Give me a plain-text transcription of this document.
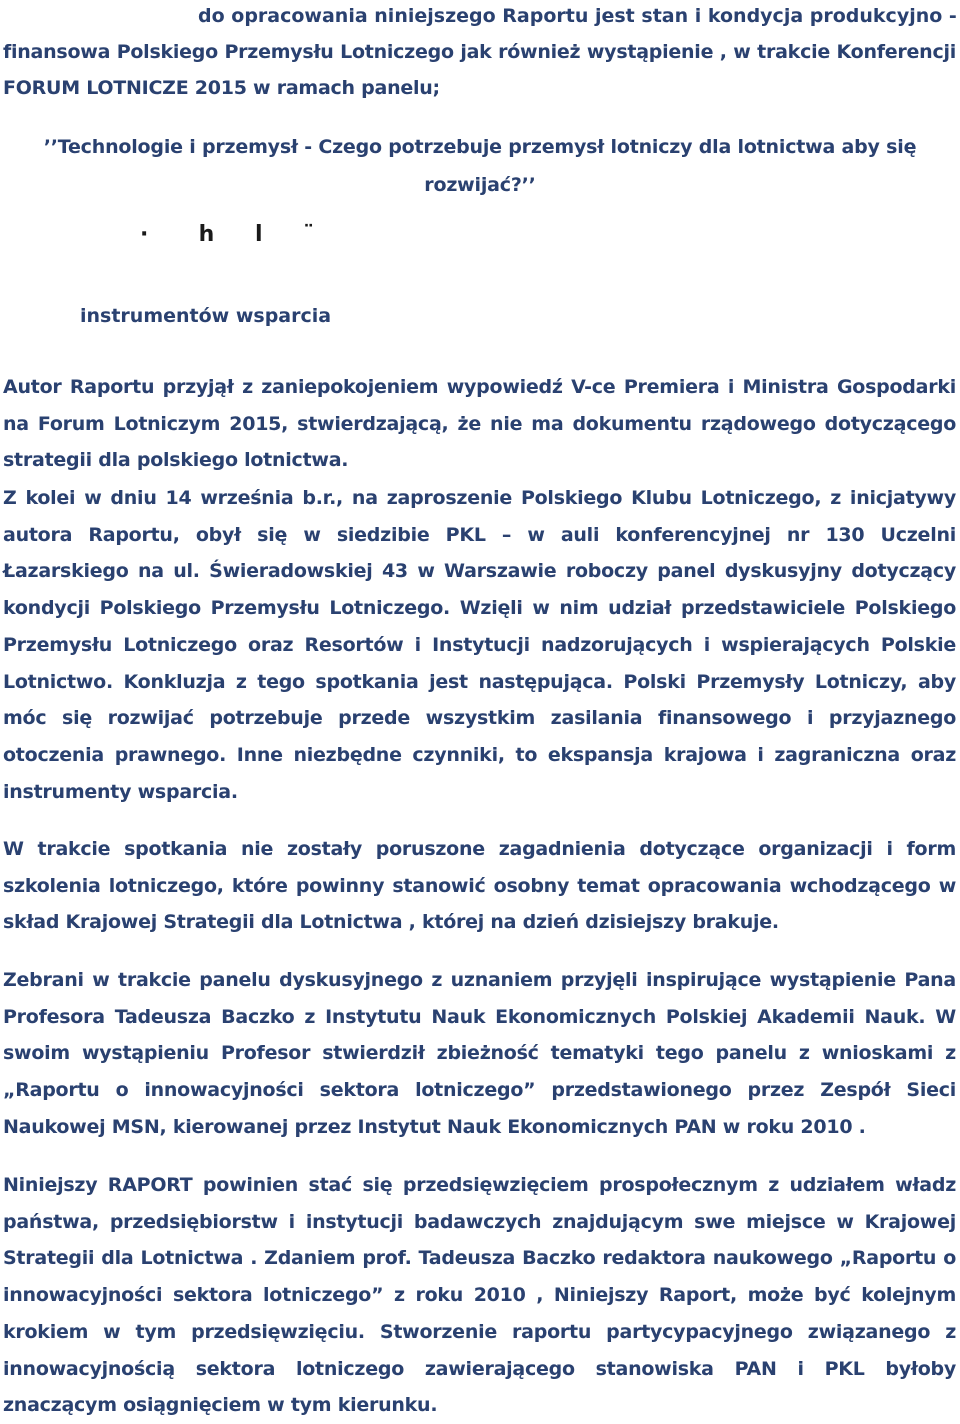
do opracowania niniejszego Raportu jest stan i kondycja produkcyjno -

finansowa Polskiego Przemysłu Lotniczego jak również wystąpienie , w trakcie Konferencji FORUM LOTNICZE 2015 w ramach panelu;

’’Technologie i przemysł - Czego potrzebuje przemysł lotniczy dla lotnictwa aby się rozwijać?’’

·     h    l    ¨

instrumentów wsparcia

Autor Raportu przyjął z zaniepokojeniem wypowiedź V-ce Premiera i Ministra Gospodarki na Forum Lotniczym 2015, stwierdzającą, że nie ma dokumentu rządowego dotyczącego strategii dla polskiego lotnictwa.

Z kolei w dniu 14 września b.r., na zaproszenie Polskiego Klubu Lotniczego, z inicjatywy autora Raportu, obył się w siedzibie PKL – w auli konferencyjnej nr 130 Uczelni Łazarskiego na ul. Świeradowskiej 43 w Warszawie roboczy panel dyskusyjny dotyczący kondycji Polskiego Przemysłu Lotniczego. Wzięli w nim udział przedstawiciele Polskiego Przemysłu Lotniczego oraz Resortów i Instytucji nadzorujących i wspierających Polskie Lotnictwo. Konkluzja z tego spotkania jest następująca. Polski Przemysły Lotniczy, aby móc się rozwijać potrzebuje przede wszystkim zasilania finansowego i przyjaznego otoczenia prawnego. Inne niezbędne czynniki, to ekspansja krajowa i zagraniczna oraz instrumenty wsparcia.

W trakcie spotkania nie zostały poruszone zagadnienia dotyczące organizacji i form szkolenia lotniczego, które powinny stanowić osobny temat opracowania wchodzącego w skład Krajowej Strategii dla Lotnictwa , której na dzień dzisiejszy brakuje.

Zebrani w trakcie panelu dyskusyjnego z uznaniem przyjęli inspirujące wystąpienie Pana Profesora Tadeusza Baczko z Instytutu Nauk Ekonomicznych Polskiej Akademii Nauk. W swoim wystąpieniu Profesor stwierdził zbieżność tematyki tego panelu z wnioskami z „Raportu o innowacyjności sektora lotniczego” przedstawionego przez Zespół Sieci Naukowej MSN, kierowanej przez Instytut Nauk Ekonomicznych PAN w roku 2010 .

Niniejszy RAPORT powinien stać się przedsięwzięciem prospołecznym z udziałem władz państwa, przedsiębiorstw i instytucji badawczych znajdującym swe miejsce w Krajowej Strategii dla Lotnictwa . Zdaniem prof. Tadeusza Baczko redaktora naukowego „Raportu o innowacyjności sektora lotniczego” z roku 2010 , Niniejszy Raport, może być kolejnym krokiem w tym przedsięwzięciu. Stworzenie raportu partycypacyjnego związanego z innowacyjnością sektora lotniczego zawierającego stanowiska PAN i PKL byłoby znaczącym osiągnięciem w tym kierunku.
